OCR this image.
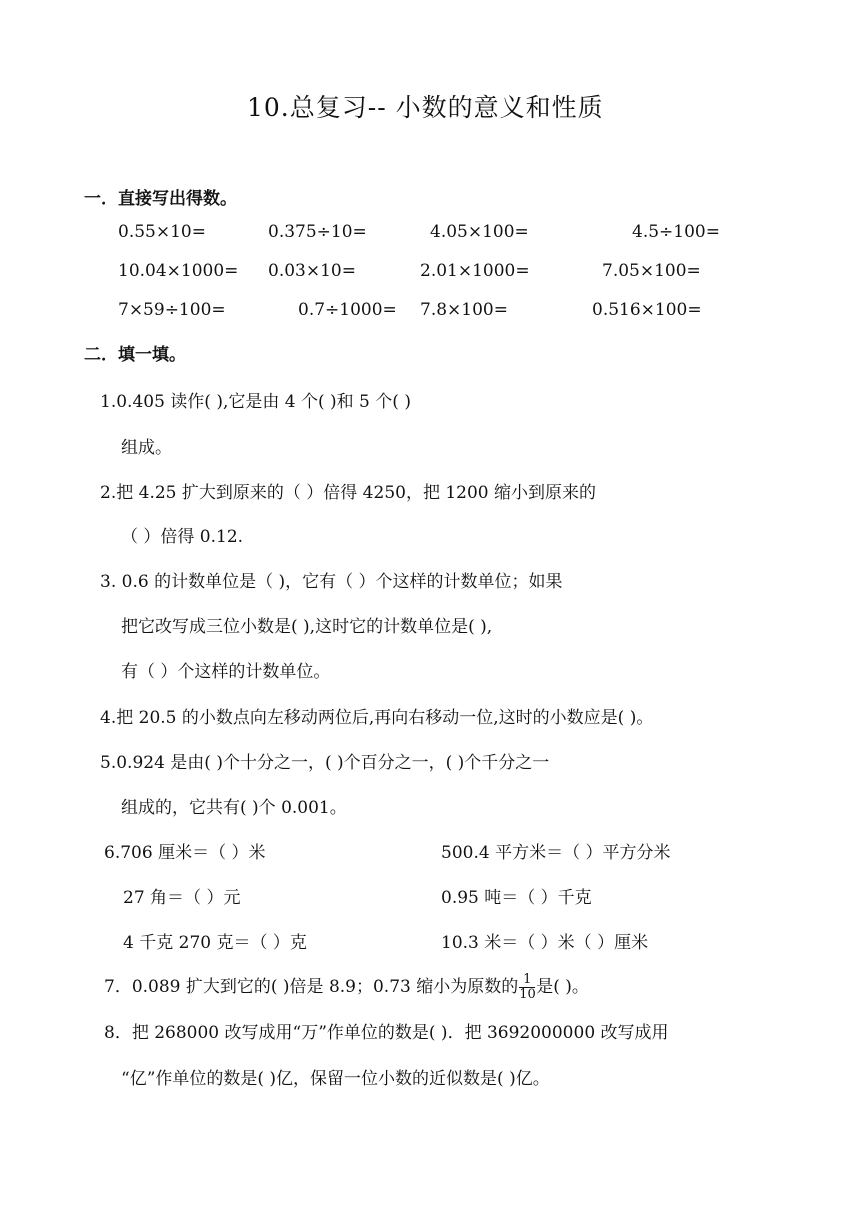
10.总复习-- 小数的意义和性质
一．直接写出得数。
0.55×10=	0.375÷10=	4.05×100=	4.5÷100=
10.04×1000= 0.03×10=	2.01×1000=	7.05×100=
7×59÷100=	0.7÷1000= 7.8×100=	0.516×100=
二．填一填。
1.0.405 读作( ),它是由 4 个( )和 5 个( )
组成。
2.把 4.25 扩大到原来的（ ）倍得 4250，把 1200 缩小到原来的
（ ）倍得 0.12.
3. 0.6 的计数单位是（ )，它有（ ）个这样的计数单位；如果
把它改写成三位小数是( ),这时它的计数单位是( ),
有（ ）个这样的计数单位。
4.把 20.5 的小数点向左移动两位后,再向右移动一位,这时的小数应是( )。
5.0.924 是由( )个十分之一，( )个百分之一，( )个千分之一
组成的，它共有( )个 0.001。
6.706 厘米＝（ ）米	500.4 平方米＝（ ）平方分米
27 角＝（ ）元	0.95 吨＝（ ）千克
4 千克 270 克＝（ ）克	10.3 米＝（ ）米（ ）厘米
7．0.089 扩大到它的( )倍是 8.9；0.73 缩小为原数的 $\frac{1}{10}$ 是( )。
8．把 268000 改写成用“万”作单位的数是( )．把 3692000000 改写成用
“亿”作单位的数是( )亿，保留一位小数的近似数是( )亿。
